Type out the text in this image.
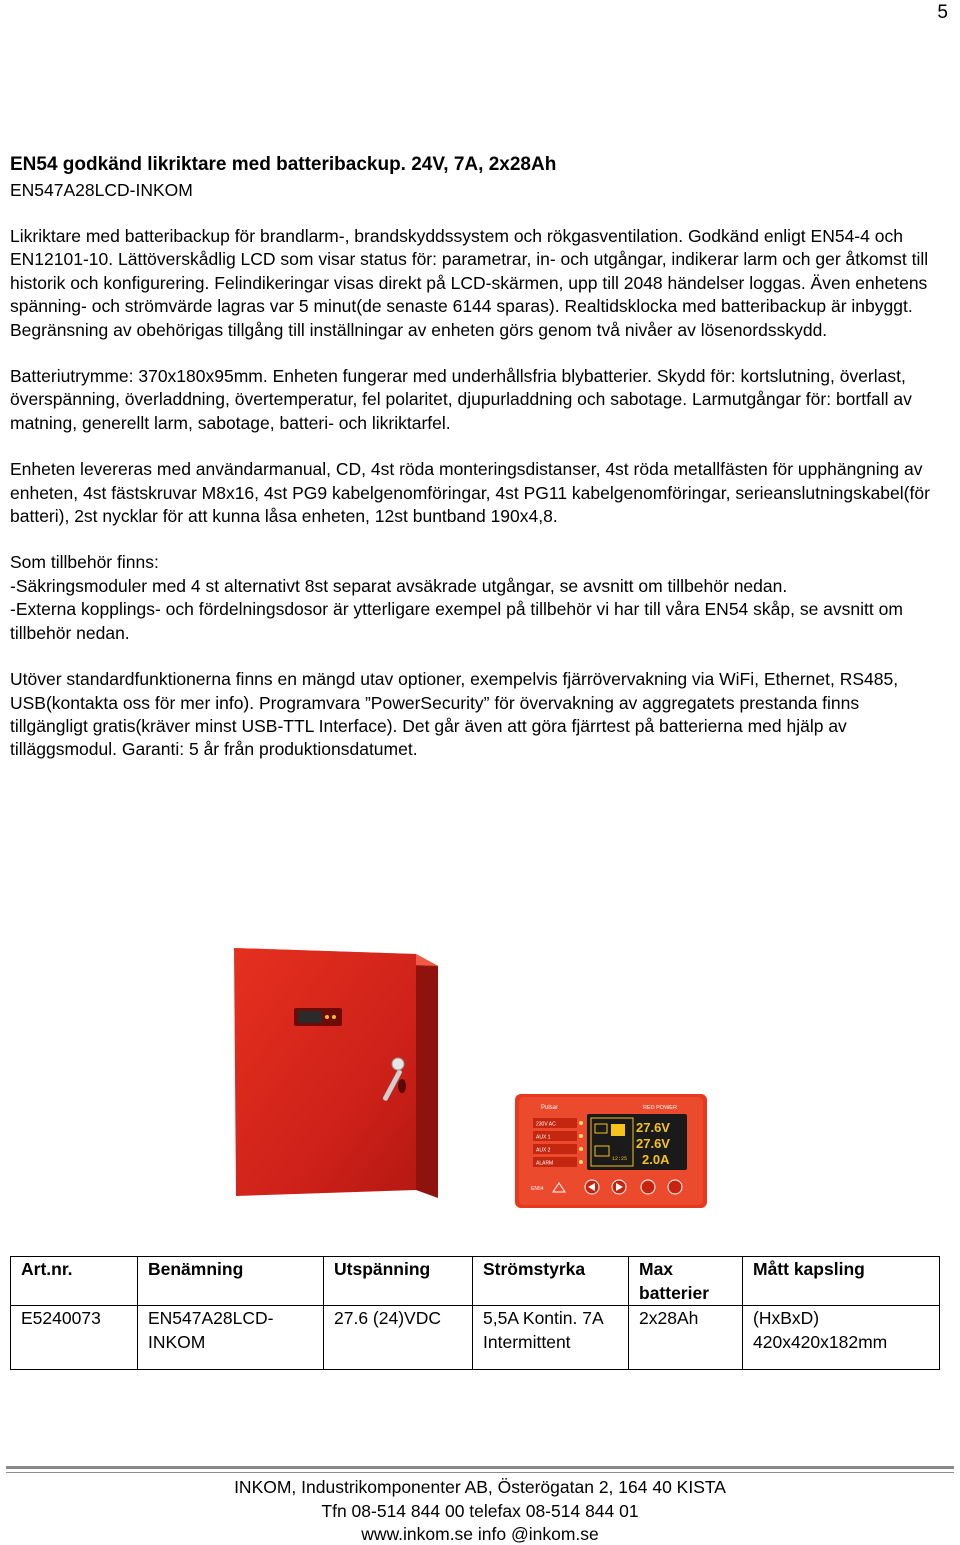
5
EN54 godkänd likriktare med batteribackup. 24V, 7A, 2x28Ah
EN547A28LCD-INKOM

Likriktare med batteribackup för brandlarm-, brandskyddssystem och rökgasventilation. Godkänd enligt EN54-4 och EN12101-10. Lättöverskådlig LCD som visar status för: parametrar, in- och utgångar, indikerar larm och ger åtkomst till historik och konfigurering. Felindikeringar visas direkt på LCD-skärmen, upp till 2048 händelser loggas. Även enhetens spänning- och strömvärde lagras var 5 minut(de senaste 6144 sparas). Realtidsklocka med batteribackup är inbyggt. Begränsning av obehörigas tillgång till inställningar av enheten görs genom två nivåer av lösenordsskydd.

Batteriutrymme: 370x180x95mm. Enheten fungerar med underhållsfria blybatterier. Skydd för: kortslutning, överlast, överspänning, överladdning, övertemperatur, fel polaritet, djupurladdning och sabotage. Larmutgångar för: bortfall av matning, generellt larm, sabotage, batteri- och likriktarfel.

Enheten levereras med användarmanual, CD, 4st röda monteringsdistanser, 4st röda metallfästen för upphängning av enheten, 4st fästskruvar M8x16, 4st PG9 kabelgenomföringar, 4st PG11 kabelgenomföringar, serieanslutningskabel(för batteri), 2st nycklar för att kunna låsa enheten, 12st buntband 190x4,8.

Som tillbehör finns:
-Säkringsmoduler med 4 st alternativt 8st separat avsäkrade utgångar, se avsnitt om tillbehör nedan.
-Externa kopplings- och fördelningsdosor är ytterligare exempel på tillbehör vi har till våra EN54 skåp, se avsnitt om tillbehör nedan.

Utöver standardfunktionerna finns en mängd utav optioner, exempelvis fjärrövervakning via WiFi, Ethernet, RS485, USB(kontakta oss för mer info). Programvara ”PowerSecurity” för övervakning av aggregatets prestanda finns tillgängligt gratis(kräver minst USB-TTL Interface). Det går även att göra fjärrtest på batterierna med hjälp av tilläggsmodul. Garanti: 5 år från produktionsdatumet.

Pulsar	RED POWER
230V AC
AUX 1
AUX 2
ALARM
12:25
27.6V
27.6V
2.0A
EN54
Art.nr.	Benämning	Utspänning	Strömstyrka	Max batterier	Mått kapsling
E5240073	EN547A28LCD-INKOM	27.6 (24)VDC	5,5A Kontin. 7A Intermittent	2x28Ah	(HxBxD) 420x420x182mm
INKOM, Industrikomponenter AB, Österögatan 2, 164 40 KISTA
Tfn 08-514 844 00 telefax 08-514 844 01
www.inkom.se info @inkom.se
